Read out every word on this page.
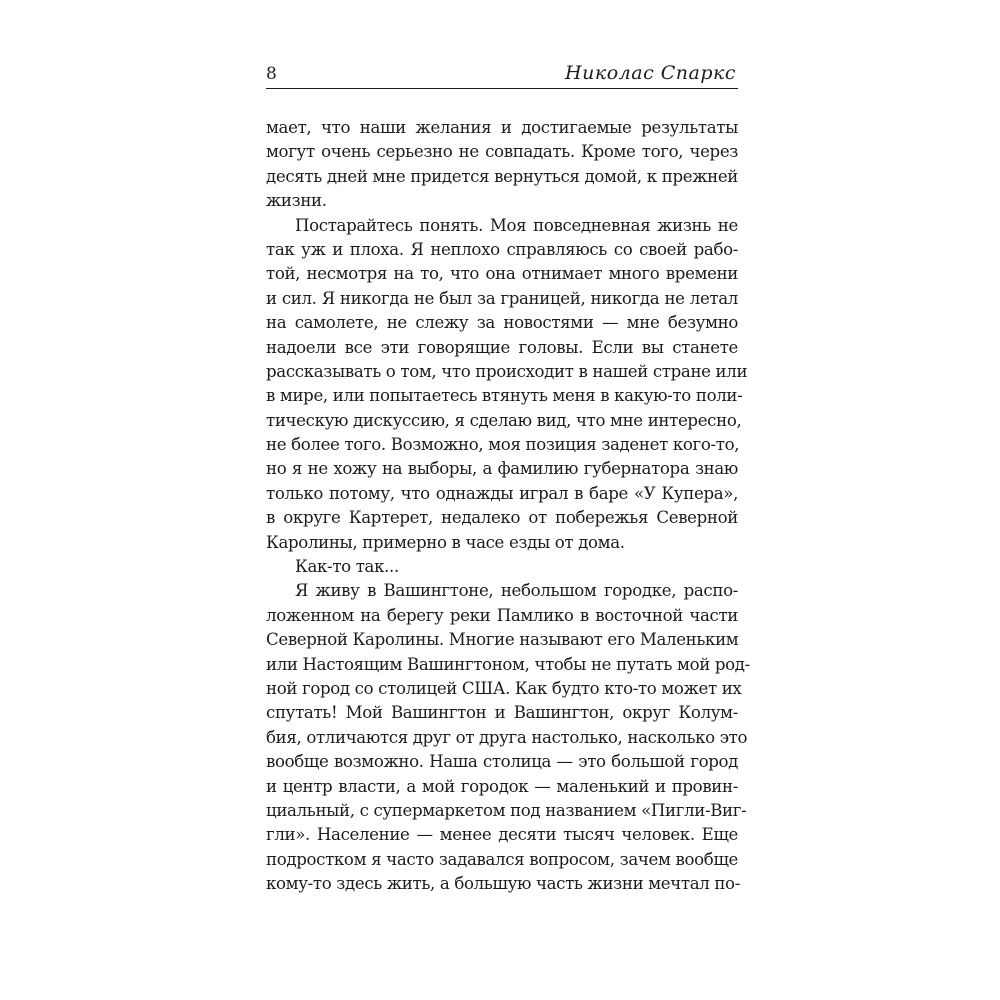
8	Николас Спаркс
мает, что наши желания и достигаемые результаты
могут очень серьезно не совпадать. Кроме того, через
десять дней мне придется вернуться домой, к прежней
жизни.
Постарайтесь понять. Моя повседневная жизнь не
так уж и плоха. Я неплохо справляюсь со своей рабо-
той, несмотря на то, что она отнимает много времени
и сил. Я никогда не был за границей, никогда не летал
на самолете, не слежу за новостями — мне безумно
надоели все эти говорящие головы. Если вы станете
рассказывать о том, что происходит в нашей стране или
в мире, или попытаетесь втянуть меня в какую-то поли-
тическую дискуссию, я сделаю вид, что мне интересно,
не более того. Возможно, моя позиция заденет кого-то,
но я не хожу на выборы, а фамилию губернатора знаю
только потому, что однажды играл в баре «У Купера»,
в округе Картерет, недалеко от побережья Северной
Каролины, примерно в часе езды от дома.
Как-то так...
Я живу в Вашингтоне, небольшом городке, распо-
ложенном на берегу реки Памлико в восточной части
Северной Каролины. Многие называют его Маленьким
или Настоящим Вашингтоном, чтобы не путать мой род-
ной город со столицей США. Как будто кто-то может их
спутать! Мой Вашингтон и Вашингтон, округ Колум-
бия, отличаются друг от друга настолько, насколько это
вообще возможно. Наша столица — это большой город
и центр власти, а мой городок — маленький и провин-
циальный, с супермаркетом под названием «Пигли-Виг-
гли». Население — менее десяти тысяч человек. Еще
подростком я часто задавался вопросом, зачем вообще
кому-то здесь жить, а большую часть жизни мечтал по-
